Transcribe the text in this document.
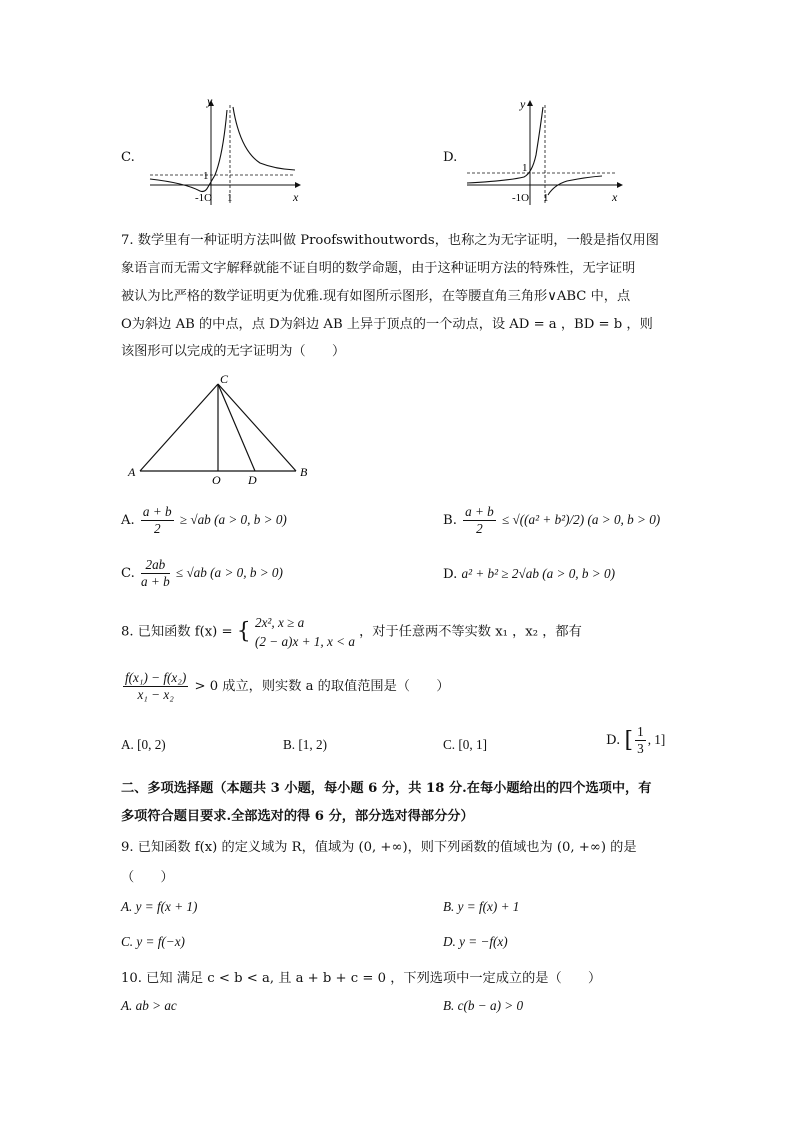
C.
y
x
1
1
-1O
D.
y
x
1
1
-1O
7. 数学里有一种证明方法叫做 Proofswithoutwords，也称之为无字证明，一般是指仅用图
象语言而无需文字解释就能不证自明的数学命题，由于这种证明方法的特殊性，无字证明
被认为比严格的数学证明更为优雅.现有如图所示图形，在等腰直角三角形∨ABC 中，点
O为斜边 AB 的中点，点 D为斜边 AB 上异于顶点的一个动点，设 AD = a ，BD = b ，则
该图形可以完成的无字证明为（　　）
C
A
O D
B
A. $\frac{a + b}{2} \ge √ab$ (a > 0, b > 0)	B. $\frac{a + b}{2} \le √((a^2 + b^2)/2) (a > 0$, b > 0)
C. $\frac{2ab}{a + b} \le √ab$ (a > 0, b > 0)	D. a² + b² ≥ 2√ab (a > 0, b > 0)
8. 已知函数 f(x) = { 2x², x ≥ a
(2 − a)x + 1, x < a
，对于任意两不等实数 x₁ ，x₂ ，都有
$\frac{\text{f(x₁) − f(x₂)}}{\text{x₁ − x₂}} > 0$ 成立，则实数 a 的取值范围是（　　）
A. [0, 2)	B. [1, 2)	C. [0, 1]	D. [ $\frac{1}{3}$ , 1]
二、多项选择题（本题共 3 小题，每小题 6 分，共 18 分.在每小题给出的四个选项中，有
多项符合题目要求.全部选对的得 6 分，部分选对得部分分）
9. 已知函数 f(x) 的定义域为 R，值域为 (0, +∞)，则下列函数的值域也为 (0, +∞) 的是
（　　）
A. y = f(x + 1)	B. y = f(x) + 1
C. y = f(−x)	D. y = −f(x)
10. 已知 满足 c < b < a, 且 a + b + c = 0 ，下列选项中一定成立的是（　　）
A. ab > ac	B. c(b − a) > 0
